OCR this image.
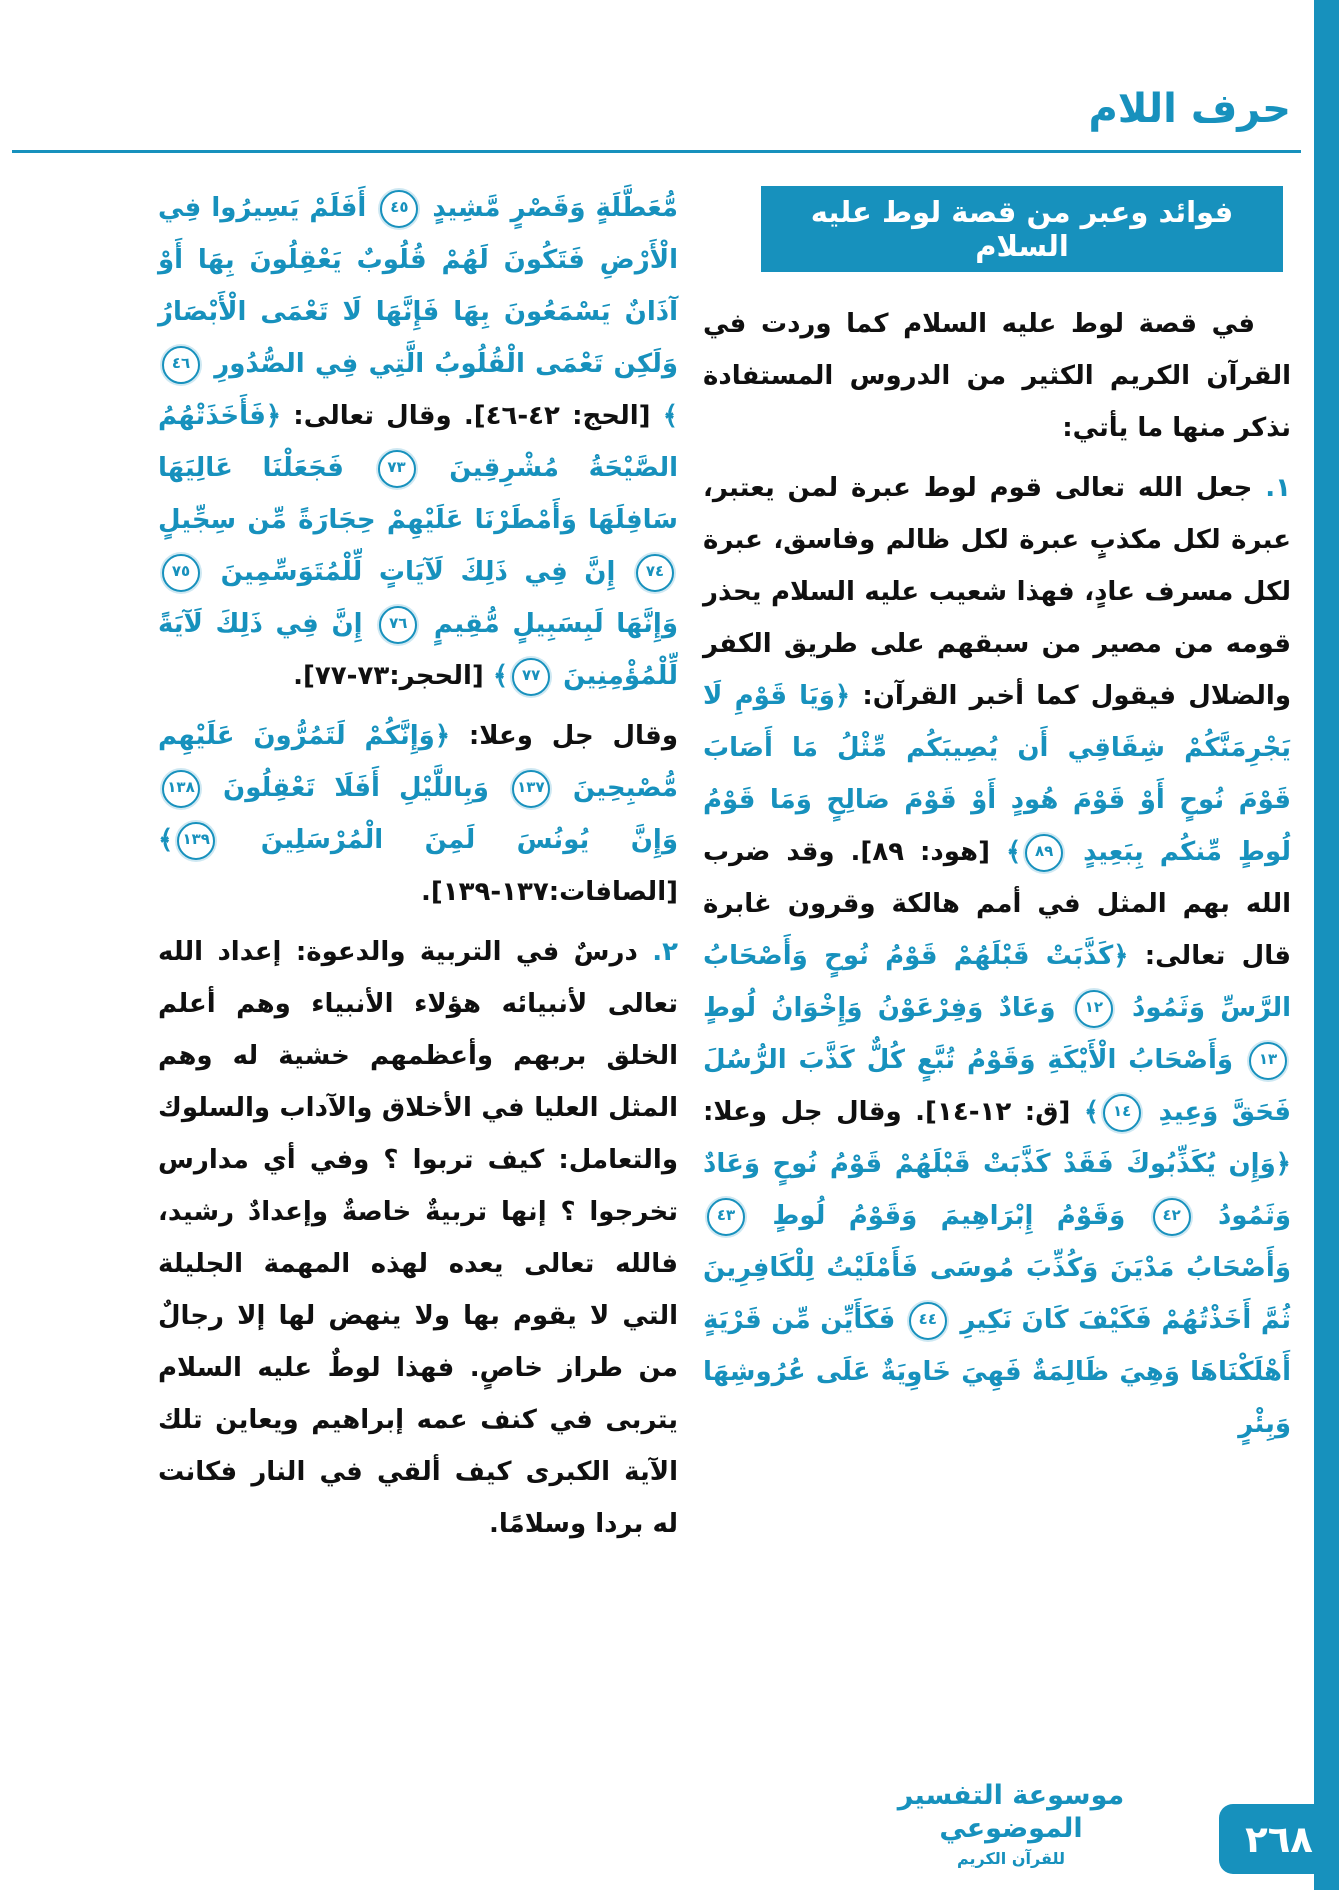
حرف اللام
فوائد وعبر من قصة لوط عليه السلام

في قصة لوط عليه السلام كما وردت في القرآن الكريم الكثير من الدروس المستفادة نذكر منها ما يأتي:

١. جعل الله تعالى قوم لوط عبرة لمن يعتبر، عبرة لكل مكذبٍ عبرة لكل ظالم وفاسق، عبرة لكل مسرف عادٍ، فهذا شعيب عليه السلام يحذر قومه من مصير من سبقهم على طريق الكفر والضلال فيقول كما أخبر القرآن: ﴿وَيَا قَوْمِ لَا يَجْرِمَنَّكُمْ شِقَاقِي أَن يُصِيبَكُم مِّثْلُ مَا أَصَابَ قَوْمَ نُوحٍ أَوْ قَوْمَ هُودٍ أَوْ قَوْمَ صَالِحٍ وَمَا قَوْمُ لُوطٍ مِّنكُم بِبَعِيدٍ ٨٩﴾ [هود: ٨٩]. وقد ضرب الله بهم المثل في أمم هالكة وقرون غابرة قال تعالى: ﴿كَذَّبَتْ قَبْلَهُمْ قَوْمُ نُوحٍ وَأَصْحَابُ الرَّسِّ وَثَمُودُ ١٢ وَعَادٌ وَفِرْعَوْنُ وَإِخْوَانُ لُوطٍ ١٣ وَأَصْحَابُ الْأَيْكَةِ وَقَوْمُ تُبَّعٍ كُلٌّ كَذَّبَ الرُّسُلَ فَحَقَّ وَعِيدِ ١٤﴾ [ق: ١٢-١٤]. وقال جل وعلا: ﴿وَإِن يُكَذِّبُوكَ فَقَدْ كَذَّبَتْ قَبْلَهُمْ قَوْمُ نُوحٍ وَعَادٌ وَثَمُودُ ٤٢ وَقَوْمُ إِبْرَاهِيمَ وَقَوْمُ لُوطٍ ٤٣ وَأَصْحَابُ مَدْيَنَ وَكُذِّبَ مُوسَى فَأَمْلَيْتُ لِلْكَافِرِينَ ثُمَّ أَخَذْتُهُمْ فَكَيْفَ كَانَ نَكِيرِ ٤٤ فَكَأَيِّن مِّن قَرْيَةٍ أَهْلَكْنَاهَا وَهِيَ ظَالِمَةٌ فَهِيَ خَاوِيَةٌ عَلَى عُرُوشِهَا وَبِئْرٍ

مُّعَطَّلَةٍ وَقَصْرٍ مَّشِيدٍ ٤٥ أَفَلَمْ يَسِيرُوا فِي الْأَرْضِ فَتَكُونَ لَهُمْ قُلُوبٌ يَعْقِلُونَ بِهَا أَوْ آذَانٌ يَسْمَعُونَ بِهَا فَإِنَّهَا لَا تَعْمَى الْأَبْصَارُ وَلَكِن تَعْمَى الْقُلُوبُ الَّتِي فِي الصُّدُورِ ٤٦﴾ [الحج: ٤٢-٤٦]. وقال تعالى: ﴿فَأَخَذَتْهُمُ الصَّيْحَةُ مُشْرِقِينَ ٧٣ فَجَعَلْنَا عَالِيَهَا سَافِلَهَا وَأَمْطَرْنَا عَلَيْهِمْ حِجَارَةً مِّن سِجِّيلٍ ٧٤ إِنَّ فِي ذَلِكَ لَآيَاتٍ لِّلْمُتَوَسِّمِينَ ٧٥ وَإِنَّهَا لَبِسَبِيلٍ مُّقِيمٍ ٧٦ إِنَّ فِي ذَلِكَ لَآيَةً لِّلْمُؤْمِنِينَ ٧٧﴾ [الحجر:٧٣-٧٧].

وقال جل وعلا: ﴿وَإِنَّكُمْ لَتَمُرُّونَ عَلَيْهِم مُّصْبِحِينَ ١٣٧ وَبِاللَّيْلِ أَفَلَا تَعْقِلُونَ ١٣٨ وَإِنَّ يُونُسَ لَمِنَ الْمُرْسَلِينَ ١٣٩﴾ [الصافات:١٣٧-١٣٩].

٢. درسٌ في التربية والدعوة: إعداد الله تعالى لأنبيائه هؤلاء الأنبياء وهم أعلم الخلق بربهم وأعظمهم خشية له وهم المثل العليا في الأخلاق والآداب والسلوك والتعامل: كيف تربوا ؟ وفي أي مدارس تخرجوا ؟ إنها تربيةٌ خاصةٌ وإعدادٌ رشيد، فالله تعالى يعده لهذه المهمة الجليلة التي لا يقوم بها ولا ينهض لها إلا رجالٌ من طراز خاصٍ. فهذا لوطٌ عليه السلام يتربى في كنف عمه إبراهيم ويعاين تلك الآية الكبرى كيف ألقي في النار فكانت له بردا وسلامًا.

موسوعة التفسير الموضوعي
للقرآن الكريم	٢٦٨
